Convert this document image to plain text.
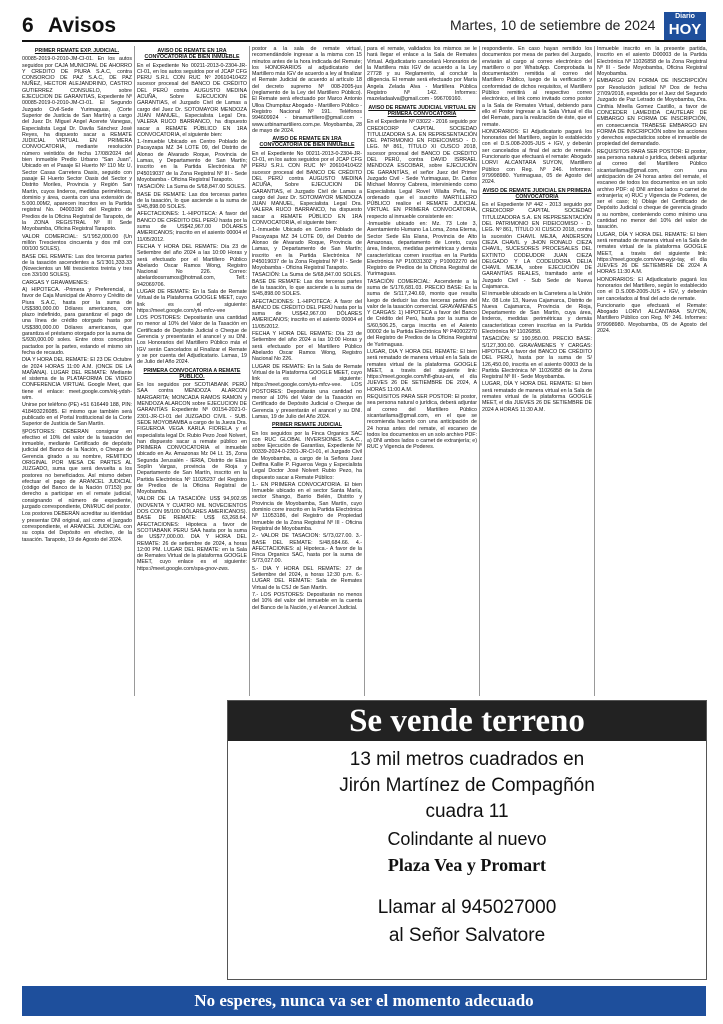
6 Avisos	Martes, 10 de setiembre de 2024
Diario
HOY

PRIMER REMATE EXP. JUDICIAL.

00085-2019-0-2010-JM-CI-01. En los autos seguidos por CAJA MUNICIPAL DE AHORRO Y CREDITO DE PIURA S.A.C, contra CONSORCIO DE PAZ S.A.C, DE PAZ NUÑEZ, HECTOR ALEJANDRINO, CASTRO GUTIERREZ CONSUELO, sobre EJECUCION DE GARANTIAS, Expediente Nº 00085-2019-0-2010-JM-CI-01. El Segundo Juzgado Civil-Sede Yurimaguas, (Corte Superior de Justicia de San Martín) a cargo del Juez Dr. Miguel Angel Acerete Vanegas, Especialista Legal Dr. Davila Sánchez José Reyes, ha dispuesto sacar a REMATE JUDICIAL VIRTUAL EN PRIMERA CONVOCATORIA, mediante resolución número veintidós de fecha 17/08/2024 del bien inmueble Predio Urbano "San Juan", Ubicado en el Pasaje El Huerto Nº 110 Mz U, Sector Casas Carretera Oasis, seguido con pasaje El Huerto Sector Oasis del Sector y Distrito Moriles, Provincia y Región San Martín, cuyos linderos, medidas perimétricas, dominio y área, cuenta con una extensión de 5.000.00M2, aparecen inscritos en la Partida registral No. 04003190 del Registro de Predios de la Oficina Registral de Tarapoto, de la ZONA REGISTRAL Nº III Sede Moyobamba, Oficina Registral Tarapoto.

VALOR COMERCIAL: S/1'952,000.00 (Un millón Trescientos cincuenta y dos mil con 00/100 SOLES).

BASE DEL REMATE: Las dos terceras partes de la tasación ascendentes a S/1'301,333.33 (Novecientos un Mil trescientos treinta y tres con 33/100 SOLES).

CARGAS Y GRAVAMENES:

A) HIPOTECA. -Primera y Preferencial, a favor de Caja Municipal de Ahorro y Crédito de Piura S.A.C, hasta por la suma de US$380,000.00 Dólares americanos, con plazo indefinido, para garantizar el pago de una línea de crédito otorgado hasta por US$380,000.00 Dólares americanos, que garantiza el préstamo otorgado por la suma de S/930,000.00 soles. Entre otros conceptos pactados por la partes, estando el mismo sin fecha de recaudo.

DIA Y HORA DEL REMATE: El 23 DE Octubre de 2024 HORAS 11:00 A.M. (ONCE DE LA MAÑANA). LUGAR DEL REMATE: Mediante el sistema de la PLATAFORMA DE VIDEO CONFERENCIA VIRTUAL Google Meet, que tiene el enlace: meet.google.com/xkj-ydsh-wim.

Unirse por teléfono (PE) +51 616449 188, PIN: 418493226085. El mismo que también será publicado en el Portal Institucional de la Corte Superior de Justicia de San Martín.

§POSTORES: DEBERAN consignar en efectivo el 10% del valor de la tasación del inmueble, mediante Certificado de depósito judicial del Banco de la Nación, o Cheque de Gerencia girado a su nombre, REMITIDO ORIGINAL POR MESA DE PARTES AL JUZGADO, suma que será devuelta a los postores no beneficiados. Así mismo deben efectuar el pago de ARANCEL JUDICIAL (código del Banco de la Nación 07153) por derecho a participar en el remate judicial, consignando el número de expediente, juzgado correspondiente, DNI/RUC del postor.

Los postores DEBERÁN acreditar su identidad y presentar DNI original, así como el juzgado correspondiente, el ARANCEL JUDICIAL con su copia del Depósito en efectivo, de la tasación. Tarapoto, 19 de Agosto del 2024.

AVISO DE REMATE EN 1RA CONVOCATORIA DE BIEN INMUEBLE

En el Expediente No 00211-2013-0-2304-JR-CI-01, en los autos seguidos por el JCAP CFG PERU S.R.L CON RUC Nº 20610410422 sucesor procesal del BANCO DE CRÉDITO DEL PERÚ contra AUGUSTO MEDINA ACUÑA, Sobre EJECUCION DE GARANTIAS, el Juzgado Civil de Lamas a cargo del Juez Dr. SOTOMAYOR MENDOZA JUAN MANUEL, Especialista Legal Dra. VALERA RUCO BARRANCO, ha dispuesto sacar a REMATE PÚBLICO EN 1RA CONVOCATORIA, el siguiente bien:

1.-Inmueble Ubicado en Centro Poblado de Pacayzapa MZ 34 LOTE 09, del Distrito de Alonso de Alvarado Roque, Provincia de Lamas, y Departamento de San Martín; inscrito en la Partida Electrónica Nº P45019037 de la Zona Registral Nº III - Sede Moyobamba - Oficina Registral Tarapoto.

TASACIÓN: La Suma de S/68,847.00 SOLES.

BASE DE REMATE: Las dos terceras partes de la tasación, lo que asciende a la suma de S/45,898.00 SOLES.

AFECTACIONES: 1.-HIPOTECA: A favor del BANCO DE CRÉDITO DEL PERÚ hasta por la suma de US$42,967.00 DÓLARES AMERICANOS; inscrito en el asiento 00004 el 11/05/2012.

FECHA Y HORA DEL REMATE: Día 23 de Setiembre del año 2024 a las 10:00 Horas y será efectuado por el Martillero Público Abelardo Oscar Ramos Wong, Registro Nacional No 226. Correo: abelardoosrramos@hotmail.com, Telf.: 942069706.

LUGAR DE REMATE: En la Sala de Remate Virtual de la Plataforma GOOGLE MEET, cuyo link es el siguiente: https://meet.google.com/ytu-mfcv-vee

LOS POSTORES: Depositarán una cantidad no menor al 10% del Valor de la Tasación en Certificado de Depósito Judicial o Cheque de Gerencia y presentarán el arancel y su DNI. Los Honorarios del Martillero Público más el IGV serán Cancelados al Finalizar el Remate y se por cuenta del Adjudicatario. Lamas, 19 de Julio del Año 2024.

PRIMERA CONVOCATORIA A REMATE PÚBLICO.

En los seguidos por SCOTIABANK PERÚ SAA contra MENDOZA ALARCON MARGARITA; MONCADA RAMOS RAMON y MENDOZA ALARCON sobre EJECUCION DE GARANTÍAS Expediente Nº 00154-2021-0-2301-JR-CI-01 del JUZGADO CIVIL - SUB. SEDE MOYOBAMBA a cargo de la Jueza Dra. FIGUEROA VEGA KARLA FIORELA y el especialista legal Dr. Rubio Pezo José Nolvert, han dispuesto sacar a remate público en PRIMERA CONVOCATORIA el inmueble ubicado en Av. Amazonas Mz 04 Lt. 15, Zona Segunda Jerusalén - IERIA, Distrito de Elías Soplín Vargas, provincia de Rioja y Departamento de San Martín, inscrito en la Partida Electrónica Nº 11026237 del Registro de Predios de la Oficina Registral de Moyobamba.

VALOR DE LA TASACIÓN: US$ 94,902.95 (NOVENTA Y CUATRO MIL NOVECIENTOS DOS CON 95/100 DÓLARES AMERICANOS). BASE DE REMATE: US$ 63,268.64. AFECTACIONES: Hipoteca a favor de SCOTIABANK PERU SAA hasta por la suma de US$77,000.00. DIA Y HORA DEL REMATE: 26 de setiembre de 2024, a horas 12:00 PM. LUGAR DEL REMATE: en la Sala de Remates Virtual de la plataforma GOOGLE MEET, cuyo enlace es el siguiente: https://meet.google.com/spa-gnov-zws.

postor a la sala de remate virtual, recomendándole ingresar a la misma con 15 minutos antes de la hora indicada del Remate; los HONORARIOS al adjudicatario del Martillero más IGV de acuerdo a ley al finalizar el Remate Judicial de acuerdo al artículo 18 del decreto supremo Nº 008-2005-jus (reglamento de la Ley del Martillero Público). El Remate será efectuado por Marco Antonio Ulloa Chumpitaz Abogado - Martillero Público - Registro Nacional Nº 191. Teléfonos 994609924 - binamartiliero@gmail.com - www.urbinamartiliero.com.pe. Moyobamba, 28 de mayo de 2024.

AVISO DE REMATE EN 1RA CONVOCATORIA DE BIEN INMUEBLE

En el Expediente No 00211-2013-0-2304-JR-CI-01, en los autos seguidos por el JCAP CFG PERU S.R.L CON RUC Nº 20610410422 sucesor procesal del BANCO DE CRÉDITO DEL PERÚ contra AUGUSTO MEDINA ACUÑA, Sobre EJECUCION DE GARANTIAS, el Juzgado Civil de Lamas a cargo del Juez Dr. SOTOMAYOR MENDOZA JUAN MANUEL, Especialista Legal Dra. VALERA RUCO BARRANCO, ha dispuesto sacar a REMATE PÚBLICO EN 1RA CONVOCATORIA, el siguiente bien:

1.-Inmueble Ubicado en Centro Poblado de Pacayzapa MZ 34 LOTE 09, del Distrito de Alonso de Alvarado Roque, Provincia de Lamas, y Departamento de San Martín; inscrito en la Partida Electrónica Nº P45019037 de la Zona Registral Nº III - Sede Moyobamba - Oficina Registral Tarapoto.

TASACIÓN: La Suma de S/68,847.00 SOLES. BASE DE REMATE: Las dos terceras partes de la tasación, lo que asciende a la suma de S/45,898.00 SOLES.

AFECTACIONES: 1.-HIPOTECA: A favor del BANCO DE CRÉDITO DEL PERÚ hasta por la suma de US$42,967.00 DÓLARES AMERICANOS; inscrito en el asiento 00004 el 11/05/2012.

FECHA Y HORA DEL REMATE: Día 23 de Setiembre del año 2024 a las 10:00 Horas y será efectuado por el Martillero Público Abelardo Oscar Ramos Wong, Registro Nacional No 226.

LUGAR DE REMATE: En la Sala de Remate Virtual de la Plataforma GOOGLE MEET, cuyo link es el siguiente: https://meet.google.com/ytu-mfcv-vee. LOS POSTORES: Depositarán una cantidad no menor al 10% del Valor de la Tasación en Certificado de Depósito Judicial o Cheque de Gerencia y presentarán el arancel y su DNI. Lamas, 19 de Julio del Año 2024.

PRIMER REMATE JUDICIAL

En los seguidos por la Finca Organics SAC con RUC GLOBAL INVERSIONES S.A.C., sobre Ejecución de Garantías, Expediente Nº 00339-2024-0-2301-JR-CI-01, el Juzgado Civil de Moyobamba, a cargo de la Señora Juez Deifina Kallie P. Figueroa Vega y Especialista Legal Doctor José Nolvert Rubio Pezo, ha dispuesto sacar a Remate Público:

1.- EN PRIMERA CONVOCATORIA. El bien Inmueble ubicado en el sector Santa María, sector Shango, Barrio Belén, Distrito y Provincia de Moyobamba, San Martín, cuyo dominio corre inscrito en la Partida Electrónica Nº 11053186, del Registro de Propiedad Inmueble de la Zona Registral Nº III - Oficina Registral de Moyobamba.

2.- VALOR DE TASACION: S/73,027.00. 3.- BASE DEL REMATE: S/48,684.66. 4.- AFECTACIONES: a) Hipoteca.- A favor de la Finca Organics SAC, hasta por la suma de S/73,027.00.

5.- DIA Y HORA DEL REMATE: 27 de Setiembre del 2024, a horas 12:30 p.m. 6.- LUGAR DEL REMATE: Sala de Remates Virtual de la CSJ de San Martín.

7.- LOS POSTORES: Depositarán no menos del 10% del valor del inmueble en la cuenta del Banco de la Nación, y el Arancel Judicial.

para el remate, validados los mismos se le hará llegar el enlace a la Sala de Remates Virtual. Adjudicatario cancelará Honorarios de la Martillera más IGV de acuerdo a la Ley 27728 y su Reglamento, al concluir la diligencia. El remate será efectuado por María Angela Zelada Alva - Martillera Pública Registro Nº 142. Informes: mazeladaalva@gmail.com - 996709160.

AVISO DE REMATE JUDICIAL VIRTUAL EN PRIMERA CONVOCATORIA

En el Expediente Nº 03022 - 2016 seguido por CREDICORP CAPITAL SOCIEDAD TITULIZADORA S.A. EN REPRESENTACIÓN DEL PATRIMONIO EN FIDEICOMISO - D. LEG. Nº 861, TÍTULO XI CUSCO 2018, sucesor procesal del BANCO DE CRÉDITO DEL PERÚ, contra DAVID ISRRAEL MENDOZA ESCOBAR, sobre EJECUCIÓN DE GARANTÍAS, el señor Juez del Primer Juzgado Civil - Sede Yurimaguas, Dr. Carlos Michael Monroy Cabrera, interviniendo como Especialista Legal Rovel Villalta Peña, ha ordenado que el suscrito MARTILLERO PÚBLICO realice el REMATE JUDICIAL VIRTUAL EN PRIMERA CONVOCATORIA, respecto al inmueble consistente en:

-Inmueble ubicado en: Mz. 73 Lote 3, Asentamiento Humano La Loma, Zona Eterna, Sector Sede Ela Elana, Provincia de Alto Amazonas, departamento de Loreto, cuya área, linderos, medidas perimétricas y demás características corren inscritas en la Partida Electrónica Nº P10031302 y P10002270 del Registro de Predios de la Oficina Registral de Yurimaguas.

TASACIÓN COMERCIAL: Ascendente a la suma de S/176,681.03. PRECIO BASE: Es la suma de S/117,240.69, monto que resulta luego de deducir las dos terceras partes del valor de la tasación comercial. GRAVÁMENES Y CARGAS: 1) HIPOTECA a favor del Banco de Crédito del Perú, hasta por la suma de S/60,506.25, carga inscrita en el Asiento 00002 de la Partida Electrónica Nº P40002270 del Registro de Predios de la Oficina Registral de Yurimaguas.

LUGAR, DIA Y HORA DEL REMATE: El bien será rematado de manera virtual en la Sala de remates virtual de la plataforma GOOGLE MEET, a través del siguiente link: https://meet.google.com/hfl-gbuu-ani, el día JUEVES 26 DE SETIEMBRE DE 2024, A HORAS 11:00 A.M.

REQUISITOS PARA SER POSTOR: El postor, sea persona natural o jurídica, deberá adjuntar al correo del Martillero Público sicantarilama@gmail.com, en el que se recomienda hacerlo con una anticipación de 24 horas antes del remate, el escaneo de todos los documentos en un solo archivo PDF: a) DNI ambos lados o carnet de extranjería; e) RUC y Vigencia de Poderes.

respondiente. En caso hayan remitido los documentos por mesa de partes del Juzgado, enviarán al cargo al correo electrónico del martillero o por WhatsApp. Comprobada la documentación remitida al correo del Martillero Público, luego de la verificación y conformidad de dichos requisitos, el Martillero Público remitirá al respectivo correo electrónico, el link como invitado como postor a la Sala de Remates Virtual, debiendo para ello el Postor ingresar a la Sala Virtual el día del Remate, para la realización de éste, que el remate.

HONORARIOS: El Adjudicatario pagará los honorarios del Martillero, según lo establecido con el D.S.008-2005-JUS + IGV, y deberán ser cancelados al final del acto de remate. Funcionario que efectuará el remate: Abogado LORVI ALCANTARA SUYON, Martillero Público con Reg. Nº 246. Informes: 979998980. Yurimaguas, 05 de Agosto del 2024.

AVISO DE REMATE JUDICIAL EN PRIMERA CONVOCATORIA

En el Expediente Nº 442 - 2013 seguido por CREDICORP CAPITAL SOCIEDAD TITULIZADORA S.A. EN REPRESENTACIÓN DEL PATRIMONIO EN FIDEICOMISO - D. LEG. Nº 861, TÍTULO XI CUSCO 2018, contra la sucesión CHAVIL MEJIA, ANDERSON CIEZA CHAVIL y JHON RONALD CIEZA CHAVIL, SUCESORES PROCESALES DEL EXTINTO CODEUDOR JUAN CIEZA DELGADO Y LA CODEUDORA DELIA CHAVIL MEJIA, sobre EJECUCIÓN DE GARANTÍAS REALES, tramitado ante el Juzgado Civil - Sub Sede de Nueva Cajamarca.

El inmueble ubicado en la Carretera a la Unión Mz. 08 Lote 13, Nueva Cajamarca, Distrito de Nueva Cajamarca, Provincia de Rioja, Departamento de San Martín, cuya área, linderos, medidas perimétricas y demás características corren inscritas en la Partida Electrónica Nº 11026858.

TASACIÓN: S/ 190,950.00. PRECIO BASE: S/127,300.00. GRAVÁMENES Y CARGAS: HIPOTECA a favor del BANCO DE CRÉDITO DEL PERÚ, hasta por la suma de S/ 126,450.00, inscrita en el asiento 00003 de la Partida Electrónica Nº 11026858 de la Zona Registral Nº III - Sede Moyobamba.

LUGAR, DÍA Y HORA DEL REMATE: El bien será rematado de manera virtual en la Sala de remates virtual de la plataforma GOOGLE MEET, el día JUEVES 26 DE SETIEMBRE DE 2024 A HORAS 11:30 A.M.

Inmueble inscrito en la presente partida, inscrito en el asiento D00003 de la Partida Electrónica Nº 11026858 de la Zona Registral Nº III - Sede Moyobamba, Oficina Registral Moyobamba.

EMBARGO EN FORMA DE INSCRIPCIÓN por Resolución judicial Nº Dos de fecha 27/09/2018, expedida por el Juez del Segundo Juzgado de Paz Letrado de Moyobamba, Dra. Cinthia Mirella Gomez Castillo, a favor de CONCEDER LAMEDIDA CAUTELAR DE EMBARGO EN FORMA DE INSCRIPCIÓN, en consecuencia TRABESE EMBARGO EN FORMA DE INSCRIPCIÓN sobre los acciones y derechos expectaticios sobre el inmueble de propiedad del demandado.

REQUISITOS PARA SER POSTOR: El postor, sea persona natural o jurídica, deberá adjuntar al correo del Martillero Público sicantarilama@gmail.com, con una anticipación de 24 horas antes del remate, el escaneo de todos los documentos en un solo archivo PDF: a) DNI ambos lados o carnet de extranjería; e) RUC y Vigencia de Poderes, de ser el caso; b) Oblaje del Certificado de Depósito Judicial o cheque de gerencia girado a su nombre, conteniendo como mínimo una cantidad no menor del 10% del valor de tasación.

LUGAR, DÍA Y HORA DEL REMATE: El bien será rematado de manera virtual en la Sala de remates virtual de la plataforma GOOGLE MEET, a través del siguiente link: https://meet.google.com/vwe-ayjz-tay, el día JUEVES 26 DE SETIEMBRE DE 2024 A HORAS 11:30 A.M.

HONORARIOS: El Adjudicatario pagará los honorarios del Martillero, según lo establecido con el D.S.008-2005-JUS + IGV, y deberán ser cancelados al final del acto de remate.

Funcionario que efectuará el Remate: Abogado LORVI ALCANTARA SUYON, Martillero Público con Reg. Nº 246. Informes: 979998980. Moyobamba, 05 de Agosto del 2024.

Se vende terreno
13 mil metros cuadrados en
Jirón Martínez de Compagñón
cuadra 11
Colindante al nuevo
Plaza Vea y Promart
Llamar al 945027000
al Señor Salvatore
No esperes, nunca va ser el momento adecuado
